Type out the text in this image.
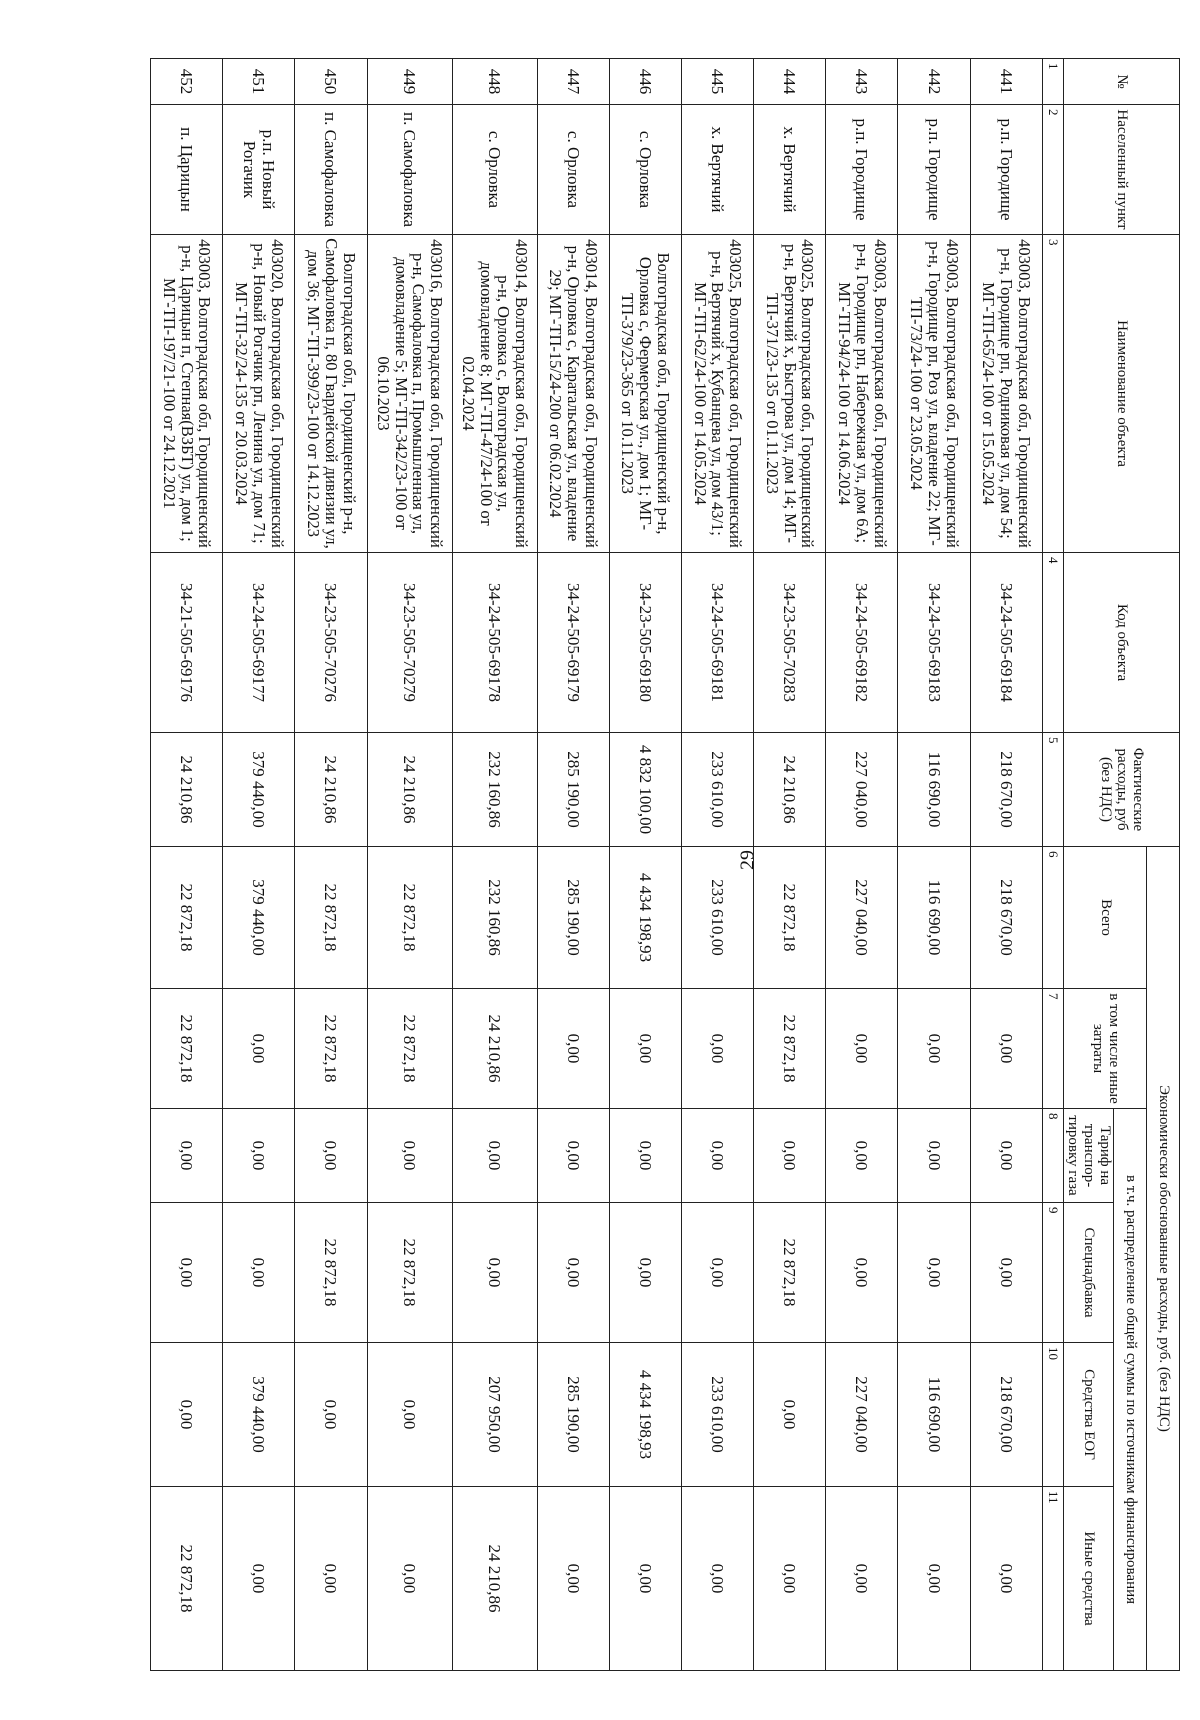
29
№	Населенный пункт	Наименование объекта	Код объекта	Фактические расходы, руб (без НДС)	Экономически обоснованные расходы, руб. (без НДС)					
					Всего	в том числе иные затраты	в т.ч. распределение общей суммы по источникам финансирования			
							Тариф на транспор-тировку газа	Спецнадбавка	Средства ЕОГ	Иные средства
1	2	3	4	5	6	7	8	9	10	11
441	р.п. Городище	403003, Волгоградская обл, Городищенский р-н, Городище рп, Родниковая ул, дом 54; МГ-ТП-65/24-100 от 15.05.2024	34-24-505-69184	218 670,00	218 670,00	0,00	0,00	0,00	218 670,00	0,00
442	р.п. Городище	403003, Волгоградская обл, Городищенский р-н, Городище рп, Роз ул, владение 22; МГ-ТП-73/24-100 от 23.05.2024	34-24-505-69183	116 690,00	116 690,00	0,00	0,00	0,00	116 690,00	0,00
443	р.п. Городище	403003, Волгоградская обл, Городищенский р-н, Городище рп, Набережная ул, дом 6А; МГ-ТП-94/24-100 от 14.06.2024	34-24-505-69182	227 040,00	227 040,00	0,00	0,00	0,00	227 040,00	0,00
444	х. Вертячий	403025, Волгоградская обл, Городищенский р-н, Вертячий х, Быстрова ул, дом 14; МГ-ТП-371/23-135 от 01.11.2023	34-23-505-70283	24 210,86	22 872,18	22 872,18	0,00	22 872,18	0,00	0,00
445	х. Вертячий	403025, Волгоградская обл, Городищенский р-н, Вертячий х, Кубанцева ул, дом 43/1; МГ-ТП-62/24-100 от 14.05.2024	34-24-505-69181	233 610,00	233 610,00	0,00	0,00	0,00	233 610,00	0,00
446	с. Орловка	Волгоградская обл, Городищенский р-н, Орловка с, Фермерская ул., дом 1; МГ-ТП-379/23-365 от 10.11.2023	34-23-505-69180	4 832 100,00	4 434 198,93	0,00	0,00	0,00	4 434 198,93	0,00
447	с. Орловка	403014, Волгоградская обл, Городищенский р-н, Орловка с, Каратальская ул, владение 29; МГ-ТП-15/24-200 от 06.02.2024	34-24-505-69179	285 190,00	285 190,00	0,00	0,00	0,00	285 190,00	0,00
448	с. Орловка	403014, Волгоградская обл, Городищенский р-н, Орловка с, Волгоградская ул, домовладение 8; МГ-ТП-47/24-100 от 02.04.2024	34-24-505-69178	232 160,86	232 160,86	24 210,86	0,00	0,00	207 950,00	24 210,86
449	п. Самофаловка	403016, Волгоградская обл, Городищенский р-н, Самофаловка п, Промышленная ул, домовладение 5; МГ-ТП-342/23-100 от 06.10.2023	34-23-505-70279	24 210,86	22 872,18	22 872,18	0,00	22 872,18	0,00	0,00
450	п. Самофаловка	Волгоградская обл, Городищенский р-н, Самофаловка п, 80 Гвардейской дивизии ул, дом 36; МГ-ТП-399/23-100 от 14.12.2023	34-23-505-70276	24 210,86	22 872,18	22 872,18	0,00	22 872,18	0,00	0,00
451	р.п. Новый Рогачик	403020, Волгоградская обл, Городищенский р-н, Новый Рогачик рп, Ленина ул, дом 71; МГ-ТП-32/24-135 от 20.03.2024	34-24-505-69177	379 440,00	379 440,00	0,00	0,00	0,00	379 440,00	0,00
452	п. Царицын	403003, Волгоградская обл, Городищенский р-н, Царицын п, Степная(ВЗБТ) ул, дом 1; МГ-ТП-197/21-100 от 24.12.2021	34-21-505-69176	24 210,86	22 872,18	22 872,18	0,00	0,00	0,00	22 872,18
